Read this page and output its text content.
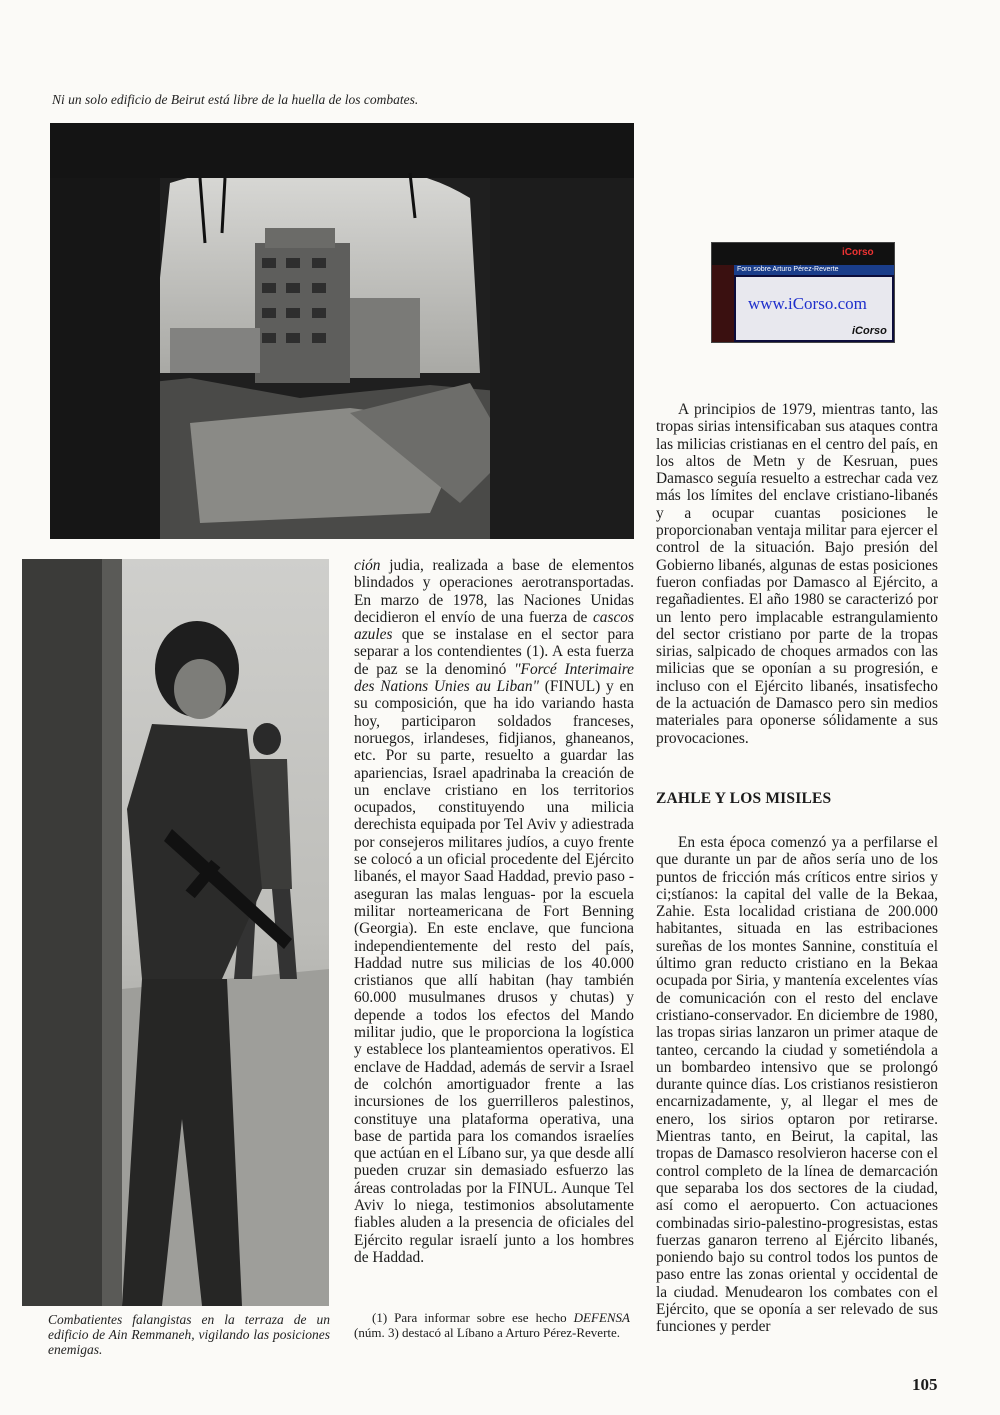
Ni un solo edificio de Beirut está libre de la huella de los combates.
iCorso
Foro sobre Arturo Pérez-Reverte
www.iCorso.com
iCorso
Combatientes falangistas en la terraza de un edificio de Ain Remmaneh, vigilando las posiciones enemigas.

ción judia, realizada a base de elementos blindados y operaciones aerotransportadas. En marzo de 1978, las Naciones Unidas decidieron el envío de una fuerza de cascos azules que se instalase en el sector para separar a los contendientes (1). A esta fuerza de paz se la denominó "Forcé Interimaire des Nations Unies au Liban" (FINUL) y en su composición, que ha ido variando hasta hoy, participaron soldados franceses, noruegos, irlandeses, fidjianos, ghaneanos, etc. Por su parte, resuelto a guardar las apariencias, Israel apadrinaba la creación de un enclave cristiano en los territorios ocupados, constituyendo una milicia derechista equipada por Tel Aviv y adiestrada por consejeros militares judíos, a cuyo frente se colocó a un oficial procedente del Ejército libanés, el mayor Saad Haddad, previo paso -aseguran las malas lenguas- por la escuela militar norteamericana de Fort Benning (Georgia). En este enclave, que funciona independientemente del resto del país, Haddad nutre sus milicias de los 40.000 cristianos que allí habitan (hay también 60.000 musulmanes drusos y chutas) y depende a todos los efectos del Mando militar judio, que le proporciona la logística y establece los planteamientos operativos. El enclave de Haddad, además de servir a Israel de colchón amortiguador frente a las incursiones de los guerrilleros palestinos, constituye una plataforma operativa, una base de partida para los comandos israelíes que actúan en el Líbano sur, ya que desde allí pueden cruzar sin demasiado esfuerzo las áreas controladas por la FINUL. Aunque Tel Aviv lo niega, testimonios absolutamente fiables aluden a la presencia de oficiales del Ejército regular israelí junto a los hombres de Haddad.

(1) Para informar sobre ese hecho DEFENSA (núm. 3) destacó al Líbano a Arturo Pérez-Reverte.

A principios de 1979, mientras tanto, las tropas sirias intensificaban sus ataques contra las milicias cristianas en el centro del país, en los altos de Metn y de Kesruan, pues Damasco seguía resuelto a estrechar cada vez más los límites del enclave cristiano-libanés y a ocupar cuantas posiciones le proporcionaban ventaja militar para ejercer el control de la situación. Bajo presión del Gobierno libanés, algunas de estas posiciones fueron confiadas por Damasco al Ejército, a regañadientes. El año 1980 se caracterizó por un lento pero implacable estrangulamiento del sector cristiano por parte de la tropas sirias, salpicado de choques armados con las milicias que se oponían a su progresión, e incluso con el Ejército libanés, insatisfecho de la actuación de Damasco pero sin medios materiales para oponerse sólidamente a sus provocaciones.

ZAHLE Y LOS MISILES

En esta época comenzó ya a perfilarse el que durante un par de años sería uno de los puntos de fricción más críticos entre sirios y ci;stíanos: la capital del valle de la Bekaa, Zahie. Esta localidad cristiana de 200.000 habitantes, situada en las estribaciones sureñas de los montes Sannine, constituía el último gran reducto cristiano en la Bekaa ocupada por Siria, y mantenía excelentes vías de comunicación con el resto del enclave cristiano-conservador. En diciembre de 1980, las tropas sirias lanzaron un primer ataque de tanteo, cercando la ciudad y sometiéndola a un bombardeo intensivo que se prolongó durante quince días. Los cristianos resistieron encarnizadamente, y, al llegar el mes de enero, los sirios optaron por retirarse. Mientras tanto, en Beirut, la capital, las tropas de Damasco resolvieron hacerse con el control completo de la línea de demarcación que separaba los dos sectores de la ciudad, así como el aeropuerto. Con actuaciones combinadas sirio-palestino-progresistas, estas fuerzas ganaron terreno al Ejército libanés, poniendo bajo su control todos los puntos de paso entre las zonas oriental y occidental de la ciudad. Menudearon los combates con el Ejército, que se oponía a ser relevado de sus funciones y perder

105
